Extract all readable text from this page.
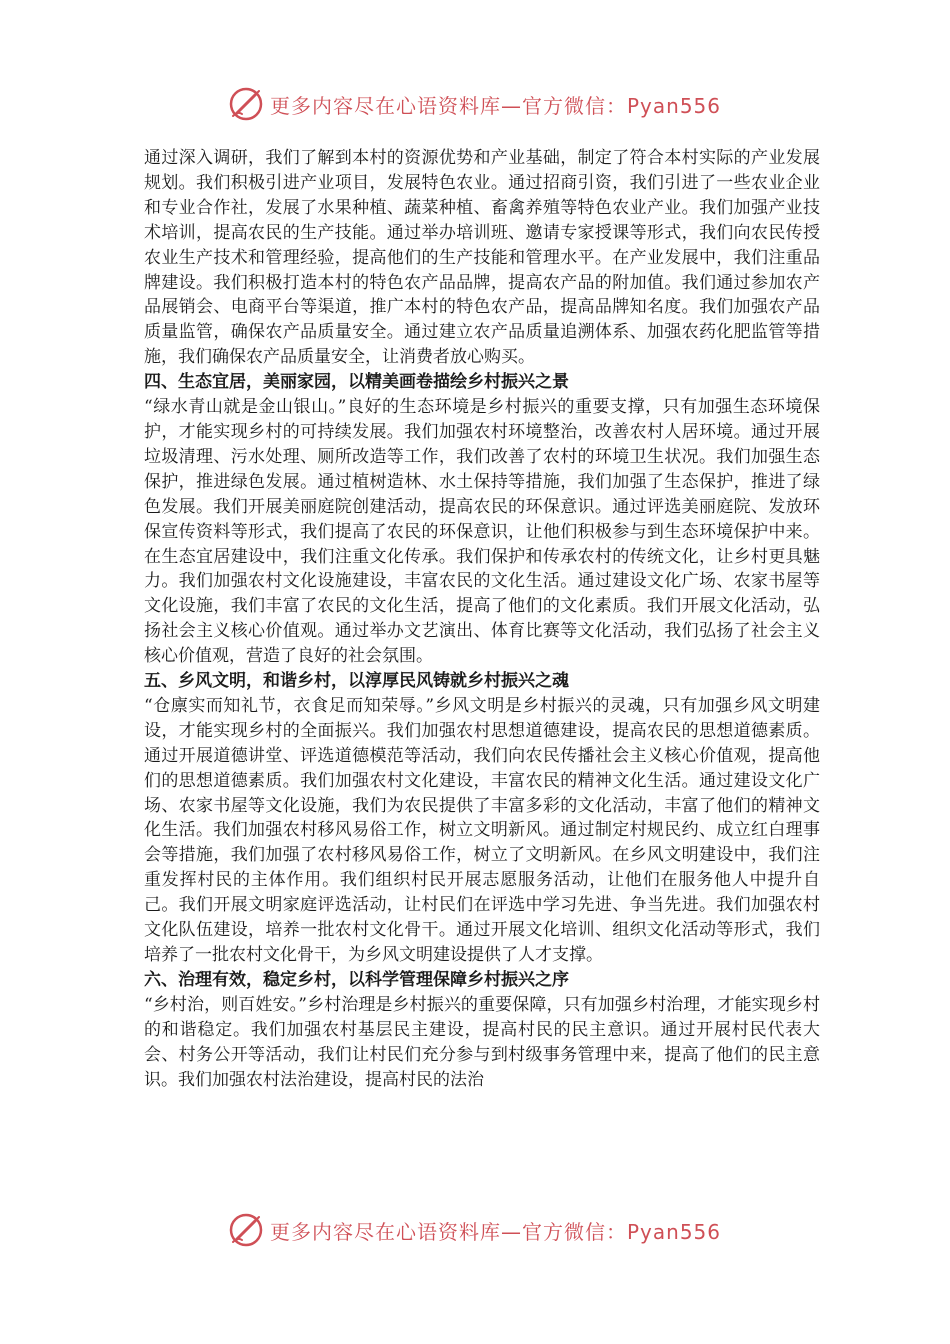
更多内容尽在心语资料库—官方微信：Pyan556

通过深入调研，我们了解到本村的资源优势和产业基础，制定了符合本村实际的产业发展规划。我们积极引进产业项目，发展特色农业。通过招商引资，我们引进了一些农业企业和专业合作社，发展了水果种植、蔬菜种植、畜禽养殖等特色农业产业。我们加强产业技术培训，提高农民的生产技能。通过举办培训班、邀请专家授课等形式，我们向农民传授农业生产技术和管理经验，提高他们的生产技能和管理水平。在产业发展中，我们注重品牌建设。我们积极打造本村的特色农产品品牌，提高农产品的附加值。我们通过参加农产品展销会、电商平台等渠道，推广本村的特色农产品，提高品牌知名度。我们加强农产品质量监管，确保农产品质量安全。通过建立农产品质量追溯体系、加强农药化肥监管等措施，我们确保农产品质量安全，让消费者放心购买。

四、生态宜居，美丽家园，以精美画卷描绘乡村振兴之景

“绿水青山就是金山银山。”良好的生态环境是乡村振兴的重要支撑，只有加强生态环境保护，才能实现乡村的可持续发展。我们加强农村环境整治，改善农村人居环境。通过开展垃圾清理、污水处理、厕所改造等工作，我们改善了农村的环境卫生状况。我们加强生态保护，推进绿色发展。通过植树造林、水土保持等措施，我们加强了生态保护，推进了绿色发展。我们开展美丽庭院创建活动，提高农民的环保意识。通过评选美丽庭院、发放环保宣传资料等形式，我们提高了农民的环保意识，让他们积极参与到生态环境保护中来。在生态宜居建设中，我们注重文化传承。我们保护和传承农村的传统文化，让乡村更具魅力。我们加强农村文化设施建设，丰富农民的文化生活。通过建设文化广场、农家书屋等文化设施，我们丰富了农民的文化生活，提高了他们的文化素质。我们开展文化活动，弘扬社会主义核心价值观。通过举办文艺演出、体育比赛等文化活动，我们弘扬了社会主义核心价值观，营造了良好的社会氛围。

五、乡风文明，和谐乡村，以淳厚民风铸就乡村振兴之魂

“仓廪实而知礼节，衣食足而知荣辱。”乡风文明是乡村振兴的灵魂，只有加强乡风文明建设，才能实现乡村的全面振兴。我们加强农村思想道德建设，提高农民的思想道德素质。通过开展道德讲堂、评选道德模范等活动，我们向农民传播社会主义核心价值观，提高他们的思想道德素质。我们加强农村文化建设，丰富农民的精神文化生活。通过建设文化广场、农家书屋等文化设施，我们为农民提供了丰富多彩的文化活动，丰富了他们的精神文化生活。我们加强农村移风易俗工作，树立文明新风。通过制定村规民约、成立红白理事会等措施，我们加强了农村移风易俗工作，树立了文明新风。在乡风文明建设中，我们注重发挥村民的主体作用。我们组织村民开展志愿服务活动，让他们在服务他人中提升自己。我们开展文明家庭评选活动，让村民们在评选中学习先进、争当先进。我们加强农村文化队伍建设，培养一批农村文化骨干。通过开展文化培训、组织文化活动等形式，我们培养了一批农村文化骨干，为乡风文明建设提供了人才支撑。

六、治理有效，稳定乡村，以科学管理保障乡村振兴之序

“乡村治，则百姓安。”乡村治理是乡村振兴的重要保障，只有加强乡村治理，才能实现乡村的和谐稳定。我们加强农村基层民主建设，提高村民的民主意识。通过开展村民代表大会、村务公开等活动，我们让村民们充分参与到村级事务管理中来，提高了他们的民主意识。我们加强农村法治建设，提高村民的法治

更多内容尽在心语资料库—官方微信：Pyan556
